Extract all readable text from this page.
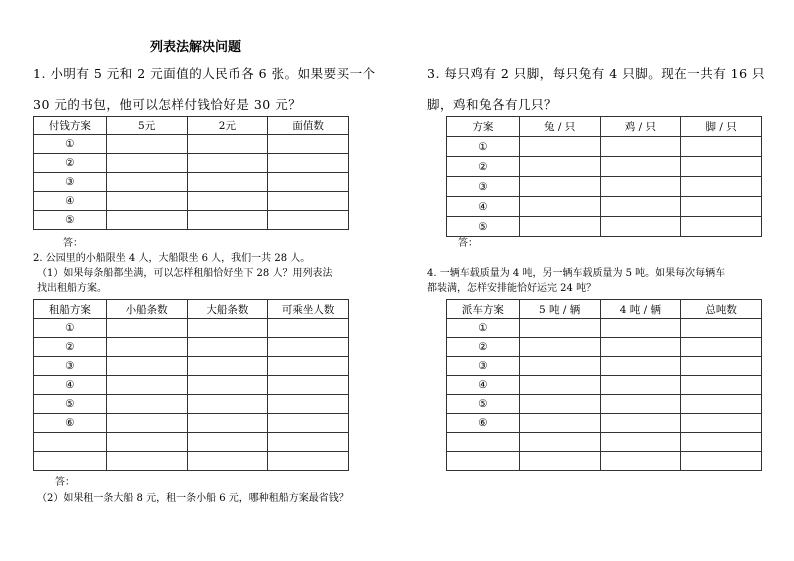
列表法解决问题
1. 小明有 5 元和 2 元面值的人民币各 6 张。如果要买一个
30 元的书包，他可以怎样付钱恰好是 30 元？
付钱方案	5元	2元	面值数
①			
②			
③			
④			
⑤			
答：
2. 公园里的小船限坐 4 人，大船限坐 6 人，我们一共 28 人。
（1）如果每条船都坐满，可以怎样租船恰好坐下 28 人？用列表法
找出租船方案。
租船方案	小船条数	大船条数	可乘坐人数
①			
②			
③			
④			
⑤			
⑥			

答：
（2）如果租一条大船 8 元，租一条小船 6 元，哪种租船方案最省钱？
3. 每只鸡有 2 只脚，每只兔有 4 只脚。现在一共有 16 只
脚，鸡和兔各有几只？
方案	兔 / 只	鸡 / 只	脚 / 只
①			
②			
③			
④			
⑤			
答：
4. 一辆车载质量为 4 吨，另一辆车载质量为 5 吨。如果每次每辆车
都装满，怎样安排能恰好运完 24 吨？
派车方案	5 吨 / 辆	4 吨 / 辆	总吨数
①			
②			
③			
④			
⑤			
⑥			
